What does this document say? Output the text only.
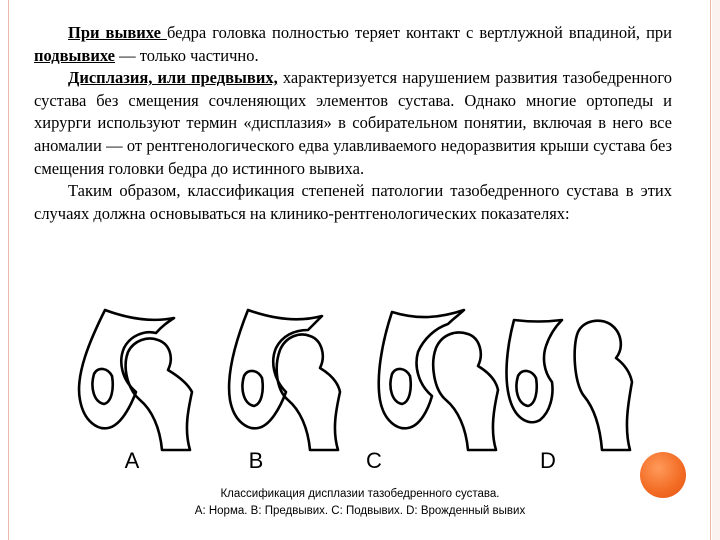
При вывихе бедра головка полностью теряет контакт с вертлужной впадиной, при подвывихе — только частично.

Дисплазия, или предвывих, характеризуется нарушением развития тазобедренного сустава без смещения сочленяющих элементов сустава. Однако многие ортопеды и хирурги используют термин «дисплазия» в собирательном понятии, включая в него все аномалии — от рентгенологического едва улавливаемого недоразвития крыши сустава без смещения головки бедра до истинного вывиха.

Таким образом, классификация степеней патологии тазобедренного сустава в этих случаях должна основываться на клинико-рентгенологических показателях:

A	B	C	D
Классификация дисплазии тазобедренного сустава.
А: Норма. В: Предвывих. С: Подвывих. D: Врожденный вывих
